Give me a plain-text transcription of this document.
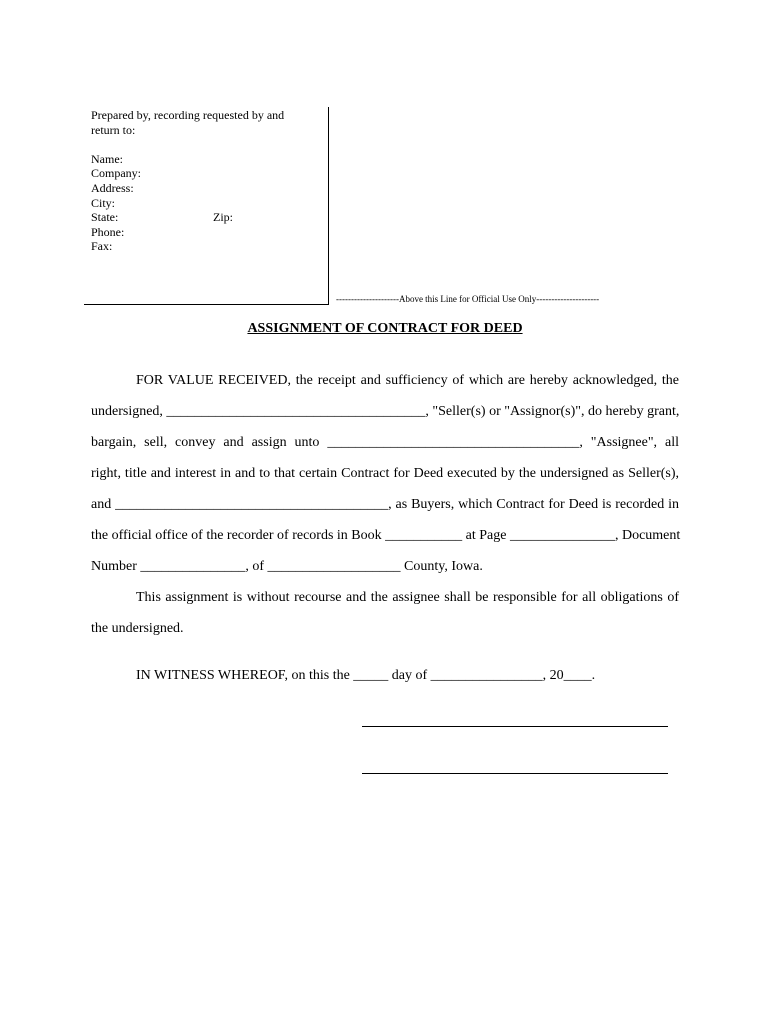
Prepared by, recording requested by and
return to:
Name:
Company:
Address:
City:
State:	Zip:
Phone:
Fax:
---------------------Above this Line for Official Use Only---------------------
ASSIGNMENT OF CONTRACT FOR DEED
FOR VALUE RECEIVED, the receipt and sufficiency of which are hereby acknowledged, the
undersigned, _____________________________________, "Seller(s) or "Assignor(s)", do hereby grant,
bargain, sell, convey and assign unto ____________________________________, "Assignee", all
right, title and interest in and to that certain Contract for Deed executed by the undersigned as Seller(s),
and _______________________________________, as Buyers, which Contract for Deed is recorded in
the official office of the recorder of records in Book ___________ at Page _______________, Document
Number _______________, of ___________________ County, Iowa.
This assignment is without recourse and the assignee shall be responsible for all obligations of
the undersigned.
IN WITNESS WHEREOF, on this the _____ day of ________________, 20____.
